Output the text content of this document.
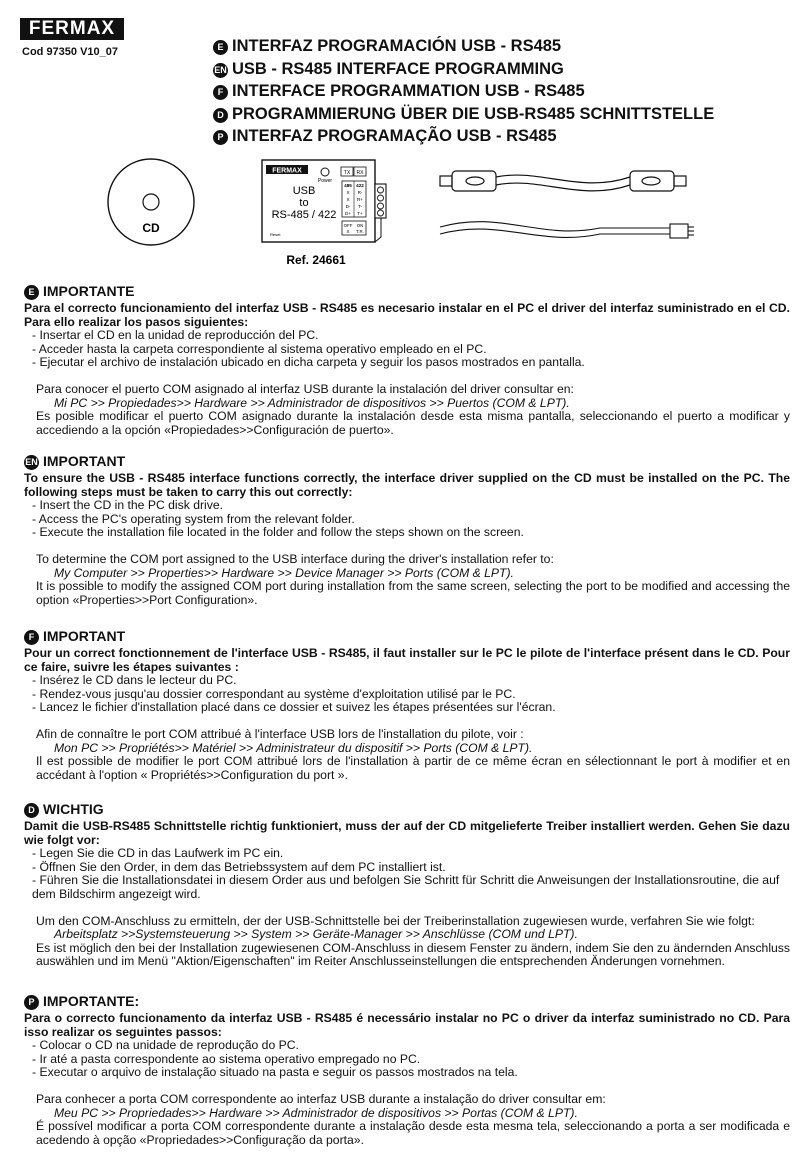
FERMAX
Cod 97350 V10_07	E INTERFAZ PROGRAMACIÓN USB - RS485
EN USB - RS485 INTERFACE PROGRAMMING
F INTERFACE PROGRAMMATION USB - RS485
D PROGRAMMIERUNG ÜBER DIE USB-RS485 SCHNITTSTELLE
P INTERFAZ PROGRAMAÇÃO USB - RS485
CD
FERMAX
Power
TX RX
USB
to
RS-485 / 422
485 422
X R-
X R+
D- T-
D+ T+
OFF ON
X T.R.
Reset
Ref. 24661
E IMPORTANTE

Para el correcto funcionamiento del interfaz USB - RS485 es necesario instalar en el PC el driver del interfaz suministrado en el CD. Para ello realizar los pasos siguientes:

- Insertar el CD en la unidad de reproducción del PC.

- Acceder hasta la carpeta correspondiente al sistema operativo empleado en el PC.

- Ejecutar el archivo de instalación ubicado en dicha carpeta y seguir los pasos mostrados en pantalla.

Para conocer el puerto COM asignado al interfaz USB durante la instalación del driver consultar en:

Mi PC >> Propiedades>> Hardware >> Administrador de dispositivos >> Puertos (COM & LPT).

Es posible modificar el puerto COM asignado durante la instalación desde esta misma pantalla, seleccionando el puerto a modificar y accediendo a la opción «Propiedades>>Configuración de puerto».

EN IMPORTANT

To ensure the USB - RS485 interface functions correctly, the interface driver supplied on the CD must be installed on the PC. The following steps must be taken to carry this out correctly:

- Insert the CD in the PC disk drive.

- Access the PC's operating system from the relevant folder.

- Execute the installation file located in the folder and follow the steps shown on the screen.

To determine the COM port assigned to the USB interface during the driver's installation refer to:

My Computer >> Properties>> Hardware >> Device Manager >> Ports (COM & LPT).

It is possible to modify the assigned COM port during installation from the same screen, selecting the port to be modified and accessing the option «Properties>>Port Configuration».

F IMPORTANT

Pour un correct fonctionnement de l'interface USB - RS485, il faut installer sur le PC le pilote de l'interface présent dans le CD. Pour ce faire, suivre les étapes suivantes :

- Insérez le CD dans le lecteur du PC.

- Rendez-vous jusqu'au dossier correspondant au système d'exploitation utilisé par le PC.

- Lancez le fichier d'installation placé dans ce dossier et suivez les étapes présentées sur l'écran.

Afin de connaître le port COM attribué à l'interface USB lors de l'installation du pilote, voir :

Mon PC >> Propriétés>> Matériel >> Administrateur du dispositif >> Ports (COM & LPT).

Il est possible de modifier le port COM attribué lors de l'installation à partir de ce même écran en sélectionnant le port à modifier et en accédant à l'option « Propriétés>>Configuration du port ».

D WICHTIG

Damit die USB-RS485 Schnittstelle richtig funktioniert, muss der auf der CD mitgelieferte Treiber installiert werden. Gehen Sie dazu wie folgt vor:

- Legen Sie die CD in das Laufwerk im PC ein.

- Öffnen Sie den Order, in dem das Betriebssystem auf dem PC installiert ist.

- Führen Sie die Installationsdatei in diesem Order aus und befolgen Sie Schritt für Schritt die Anweisungen der Installationsroutine, die auf dem Bildschirm angezeigt wird.

Um den COM-Anschluss zu ermitteln, der der USB-Schnittstelle bei der Treiberinstallation zugewiesen wurde, verfahren Sie wie folgt:

Arbeitsplatz >>Systemsteuerung >> System >> Geräte-Manager >> Anschlüsse (COM und LPT).

Es ist möglich den bei der Installation zugewiesenen COM-Anschluss in diesem Fenster zu ändern, indem Sie den zu ändernden Anschluss auswählen und im Menü "Aktion/Eigenschaften" im Reiter Anschlusseinstellungen die entsprechenden Änderungen vornehmen.

P IMPORTANTE:

Para o correcto funcionamento da interfaz USB - RS485 é necessário instalar no PC o driver da interfaz suministrado no CD. Para isso realizar os seguintes passos:

- Colocar o CD na unidade de reprodução do PC.

- Ir até a pasta correspondente ao sistema operativo empregado no PC.

- Executar o arquivo de instalação situado na pasta e seguir os passos mostrados na tela.

Para conhecer a porta COM correspondente ao interfaz USB durante a instalação do driver consultar em:

Meu PC >> Propriedades>> Hardware >> Administrador de dispositivos >> Portas (COM & LPT).

É possível modificar a porta COM correspondente durante a instalação desde esta mesma tela, seleccionando a porta a ser modificada e acedendo à opção «Propriedades>>Configuração da porta».
